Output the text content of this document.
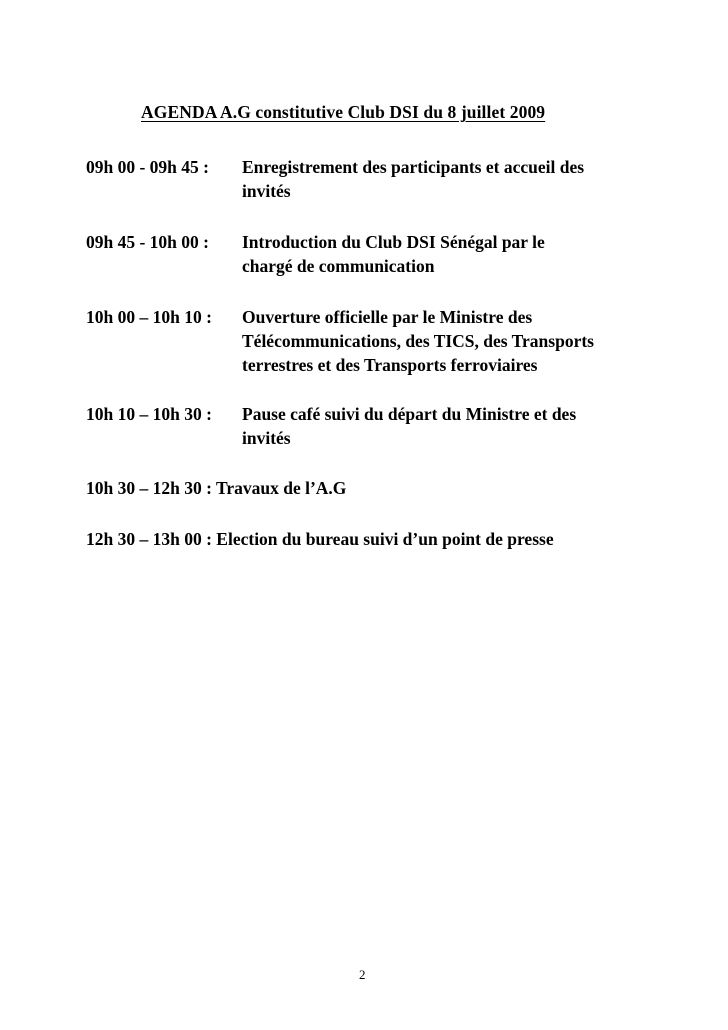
AGENDA A.G constitutive Club DSI du 8 juillet 2009
09h 00 - 09h 45 : Enregistrement des participants et accueil des
invités
09h 45 - 10h 00 : Introduction du Club DSI Sénégal par le
chargé de communication
10h 00 – 10h 10 : Ouverture officielle par le Ministre des
Télécommunications, des TICS, des Transports
terrestres et des Transports ferroviaires
10h 10 – 10h 30 : Pause café suivi du départ du Ministre et des
invités
10h 30 – 12h 30 : Travaux de l’A.G
12h 30 – 13h 00 : Election du bureau suivi d’un point de presse
2
